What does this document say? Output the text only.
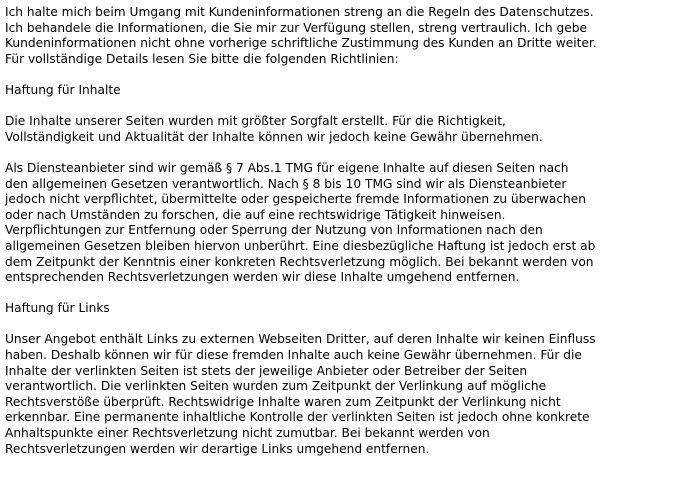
Ich halte mich beim Umgang mit Kundeninformationen streng an die Regeln des Datenschutzes.
Ich behandele die Informationen, die Sie mir zur Verfügung stellen, streng vertraulich. Ich gebe
Kundeninformationen nicht ohne vorherige schriftliche Zustimmung des Kunden an Dritte weiter.
Für vollständige Details lesen Sie bitte die folgenden Richtlinien:
Haftung für Inhalte
Die Inhalte unserer Seiten wurden mit größter Sorgfalt erstellt. Für die Richtigkeit,
Vollständigkeit und Aktualität der Inhalte können wir jedoch keine Gewähr übernehmen.
Als Diensteanbieter sind wir gemäß § 7 Abs.1 TMG für eigene Inhalte auf diesen Seiten nach
den allgemeinen Gesetzen verantwortlich. Nach § 8 bis 10 TMG sind wir als Diensteanbieter
jedoch nicht verpflichtet, übermittelte oder gespeicherte fremde Informationen zu überwachen
oder nach Umständen zu forschen, die auf eine rechtswidrige Tätigkeit hinweisen.
Verpflichtungen zur Entfernung oder Sperrung der Nutzung von Informationen nach den
allgemeinen Gesetzen bleiben hiervon unberührt. Eine diesbezügliche Haftung ist jedoch erst ab
dem Zeitpunkt der Kenntnis einer konkreten Rechtsverletzung möglich. Bei bekannt werden von
entsprechenden Rechtsverletzungen werden wir diese Inhalte umgehend entfernen.
Haftung für Links
Unser Angebot enthält Links zu externen Webseiten Dritter, auf deren Inhalte wir keinen Einfluss
haben. Deshalb können wir für diese fremden Inhalte auch keine Gewähr übernehmen. Für die
Inhalte der verlinkten Seiten ist stets der jeweilige Anbieter oder Betreiber der Seiten
verantwortlich. Die verlinkten Seiten wurden zum Zeitpunkt der Verlinkung auf mögliche
Rechtsverstöße überprüft. Rechtswidrige Inhalte waren zum Zeitpunkt der Verlinkung nicht
erkennbar. Eine permanente inhaltliche Kontrolle der verlinkten Seiten ist jedoch ohne konkrete
Anhaltspunkte einer Rechtsverletzung nicht zumutbar. Bei bekannt werden von
Rechtsverletzungen werden wir derartige Links umgehend entfernen.
